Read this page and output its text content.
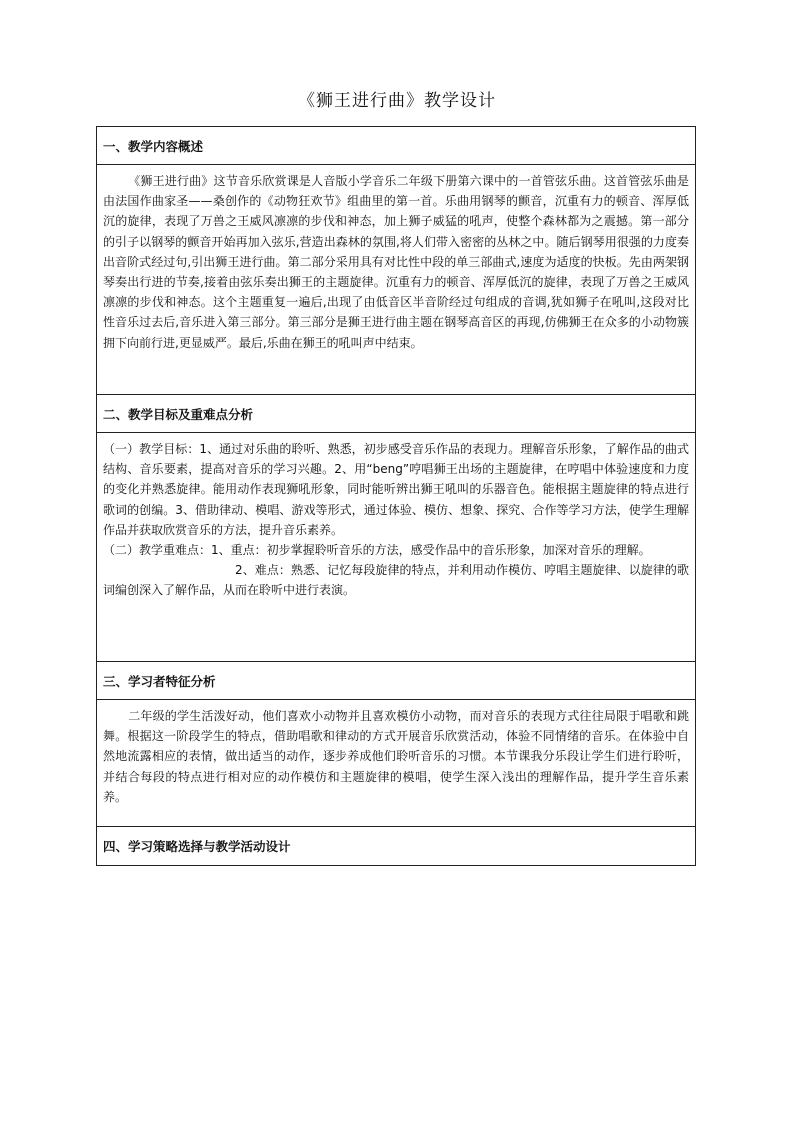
《狮王进行曲》教学设计
一、教学内容概述

《狮王进行曲》这节音乐欣赏课是人音版小学音乐二年级下册第六课中的一首管弦乐曲。这首管弦乐曲是由法国作曲家圣——桑创作的《动物狂欢节》组曲里的第一首。乐曲用钢琴的颤音，沉重有力的顿音、浑厚低沉的旋律，表现了万兽之王威风凛凛的步伐和神态，加上狮子威猛的吼声，使整个森林都为之震撼。第一部分的引子以钢琴的颤音开始再加入弦乐,营造出森林的氛围,将人们带入密密的丛林之中。随后钢琴用很强的力度奏出音阶式经过句,引出狮王进行曲。第二部分采用具有对比性中段的单三部曲式,速度为适度的快板。先由两架钢琴奏出行进的节奏,接着由弦乐奏出狮王的主题旋律。沉重有力的顿音、浑厚低沉的旋律，表现了万兽之王威风凛凛的步伐和神态。这个主题重复一遍后,出现了由低音区半音阶经过句组成的音调,犹如狮子在吼叫,这段对比性音乐过去后,音乐进入第三部分。第三部分是狮王进行曲主题在钢琴高音区的再现,仿佛狮王在众多的小动物簇拥下向前行进,更显威严。最后,乐曲在狮王的吼叫声中结束。

二、教学目标及重难点分析

（一）教学目标：1、通过对乐曲的聆听、熟悉，初步感受音乐作品的表现力。理解音乐形象，了解作品的曲式结构、音乐要素，提高对音乐的学习兴趣。2、用“beng”哼唱狮王出场的主题旋律，在哼唱中体验速度和力度的变化并熟悉旋律。能用动作表现狮吼形象，同时能听辨出狮王吼叫的乐器音色。能根据主题旋律的特点进行歌词的创编。3、借助律动、模唱、游戏等形式，通过体验、模仿、想象、探究、合作等学习方法，使学生理解作品并获取欣赏音乐的方法，提升音乐素养。

（二）教学重难点：1、重点：初步掌握聆听音乐的方法，感受作品中的音乐形象，加深对音乐的理解。

2、难点：熟悉、记忆每段旋律的特点，并利用动作模仿、哼唱主题旋律、以旋律的歌词编创深入了解作品，从而在聆听中进行表演。

三、学习者特征分析

二年级的学生活泼好动，他们喜欢小动物并且喜欢模仿小动物，而对音乐的表现方式往往局限于唱歌和跳舞。根据这一阶段学生的特点，借助唱歌和律动的方式开展音乐欣赏活动，体验不同情绪的音乐。在体验中自然地流露相应的表情，做出适当的动作，逐步养成他们聆听音乐的习惯。本节课我分乐段让学生们进行聆听，并结合每段的特点进行相对应的动作模仿和主题旋律的模唱，使学生深入浅出的理解作品，提升学生音乐素养。

四、学习策略选择与教学活动设计
